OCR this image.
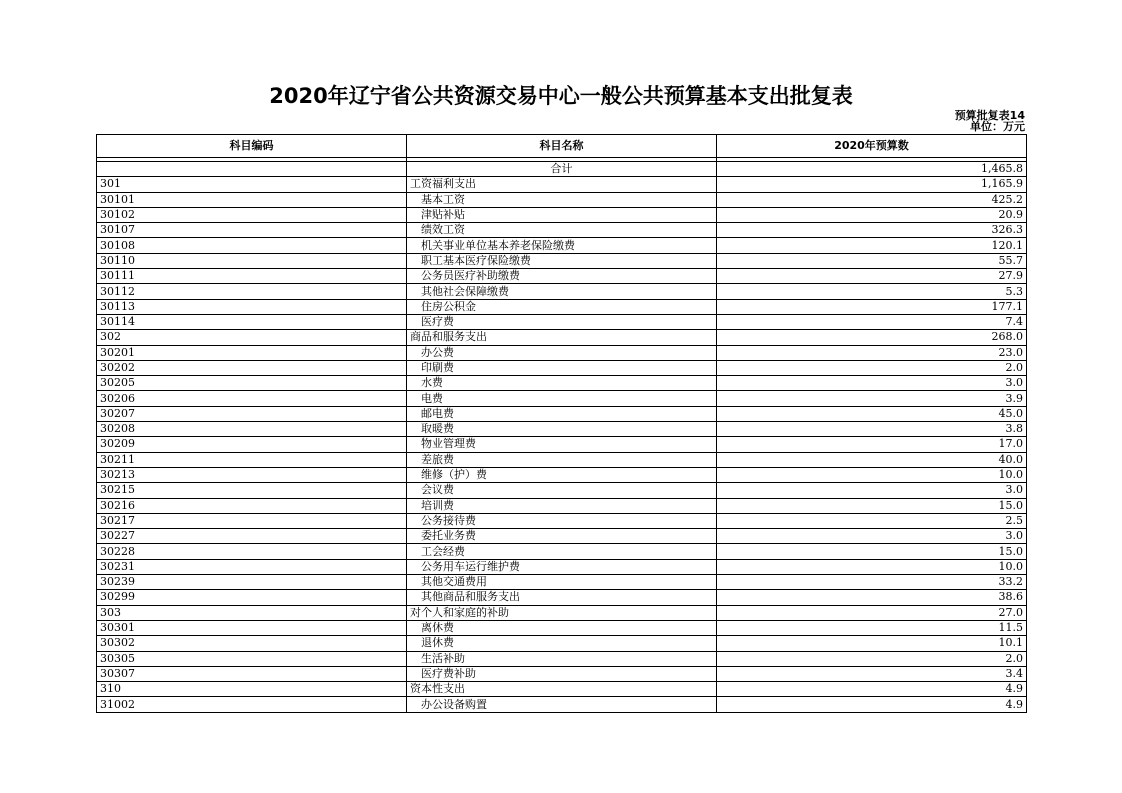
2020年辽宁省公共资源交易中心一般公共预算基本支出批复表
预算批复表14
单位：万元
科目编码	科目名称	2020年预算数

	合计	1,465.8
301	工资福利支出	1,165.9
30101	基本工资	425.2
30102	津贴补贴	20.9
30107	绩效工资	326.3
30108	机关事业单位基本养老保险缴费	120.1
30110	职工基本医疗保险缴费	55.7
30111	公务员医疗补助缴费	27.9
30112	其他社会保障缴费	5.3
30113	住房公积金	177.1
30114	医疗费	7.4
302	商品和服务支出	268.0
30201	办公费	23.0
30202	印刷费	2.0
30205	水费	3.0
30206	电费	3.9
30207	邮电费	45.0
30208	取暖费	3.8
30209	物业管理费	17.0
30211	差旅费	40.0
30213	维修（护）费	10.0
30215	会议费	3.0
30216	培训费	15.0
30217	公务接待费	2.5
30227	委托业务费	3.0
30228	工会经费	15.0
30231	公务用车运行维护费	10.0
30239	其他交通费用	33.2
30299	其他商品和服务支出	38.6
303	对个人和家庭的补助	27.0
30301	离休费	11.5
30302	退休费	10.1
30305	生活补助	2.0
30307	医疗费补助	3.4
310	资本性支出	4.9
31002	办公设备购置	4.9
